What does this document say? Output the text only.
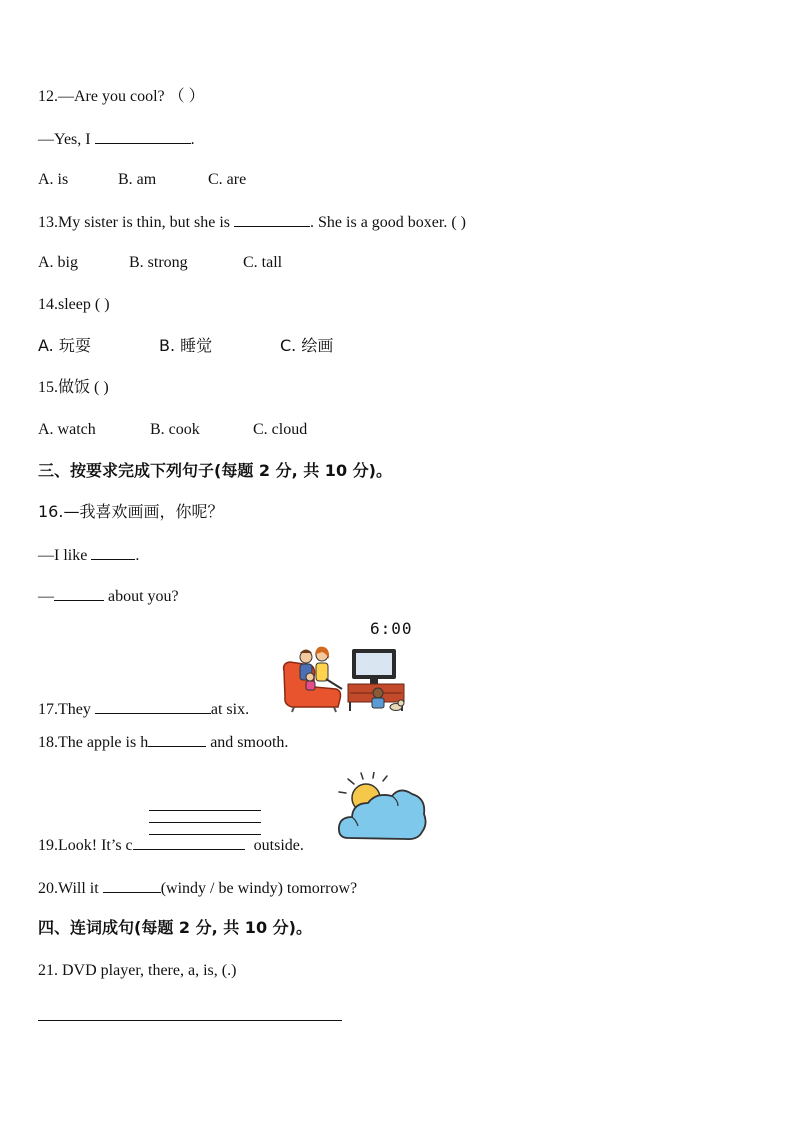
12.—Are you cool? （ ）
—Yes, I	.
A. is	B. am	C. are
13.My sister is thin, but she is	. She is a good boxer. ( )
A. big	B. strong	C. tall
14.sleep ( )
A. 玩耍	B. 睡觉	C. 绘画
15.做饭 ( )
A. watch	B. cook	C. cloud
三、按要求完成下列句子(每题 2 分, 共 10 分)。
16.—我喜欢画画，你呢？
—I like	.
—	about you?
6:00
17.They	at six.
18.The apple is h	and smooth.
19.Look! It’s c	outside.
20.Will it	(windy / be windy) tomorrow?
四、连词成句(每题 2 分, 共 10 分)。
21. DVD player, there, a, is, (.)
